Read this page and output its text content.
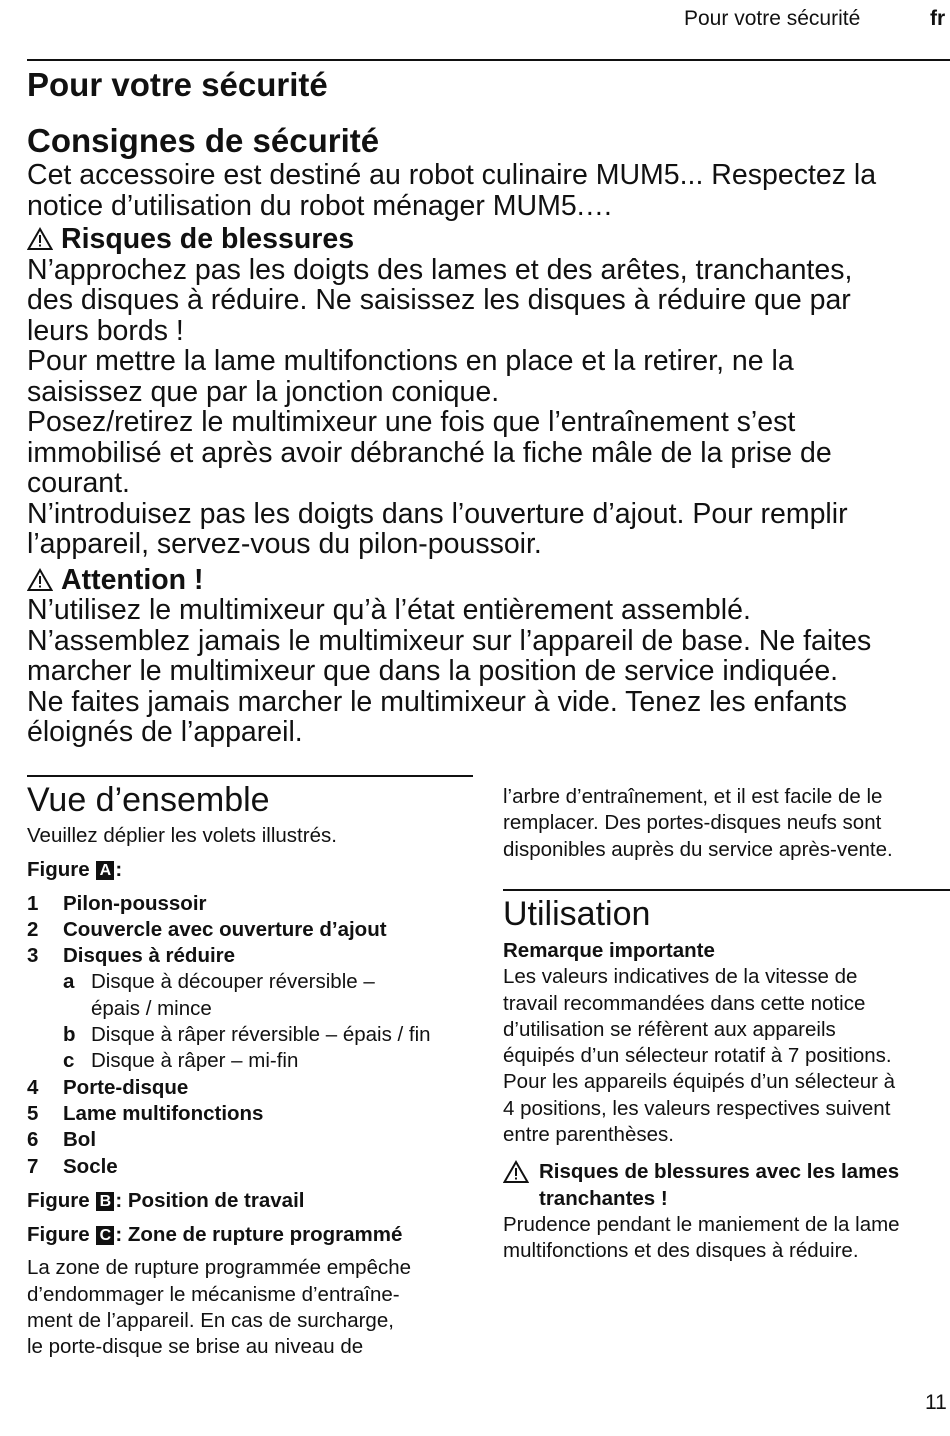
Pour votre sécurité	fr
Pour votre sécurité
Consignes de sécurité

Cet accessoire est destiné au robot culinaire MUM5... Respectez la

notice d’utilisation du robot ménager MUM5.…

Risques de blessures

N’approchez pas les doigts des lames et des arêtes, tranchantes,

des disques à réduire. Ne saisissez les disques à réduire que par

leurs bords !

Pour mettre la lame multifonctions en place et la retirer, ne la

saisissez que par la jonction conique.

Posez/retirez le multimixeur une fois que l’entraînement s’est

immobilisé et après avoir débranché la fiche mâle de la prise de

courant.

N’introduisez pas les doigts dans l’ouverture d’ajout. Pour remplir

l’appareil, servez-vous du pilon-poussoir.

Attention !

N’utilisez le multimixeur qu’à l’état entièrement assemblé.

N’assemblez jamais le multimixeur sur l’appareil de base. Ne faites

marcher le multimixeur que dans la position de service indiquée.

Ne faites jamais marcher le multimixeur à vide. Tenez les enfants

éloignés de l’appareil.

Vue d’ensemble

Veuillez déplier les volets illustrés.

Figure A :

1	Pilon-poussoir
2	Couvercle avec ouverture d’ajout
3	Disques à réduire
a Disque à découper réversible –
épais / mince
b Disque à râper réversible – épais / fin
c Disque à râper – mi-fin
4	Porte-disque
5	Lame multifonctions
6	Bol
7	Socle

Figure B : Position de travail

Figure C : Zone de rupture programmé

La zone de rupture programmée empêche

d’endommager le mécanisme d’entraîne-

ment de l’appareil. En cas de surcharge,

le porte-disque se brise au niveau de

l’arbre d’entraînement, et il est facile de le

remplacer. Des portes-disques neufs sont

disponibles auprès du service après-vente.

Utilisation

Remarque importante

Les valeurs indicatives de la vitesse de

travail recommandées dans cette notice

d’utilisation se réfèrent aux appareils

équipés d’un sélecteur rotatif à 7 positions.

Pour les appareils équipés d’un sélecteur à

4 positions, les valeurs respectives suivent

entre parenthèses.

Risques de blessures avec les lames
tranchantes !

Prudence pendant le maniement de la lame

multifonctions et des disques à réduire.

11
